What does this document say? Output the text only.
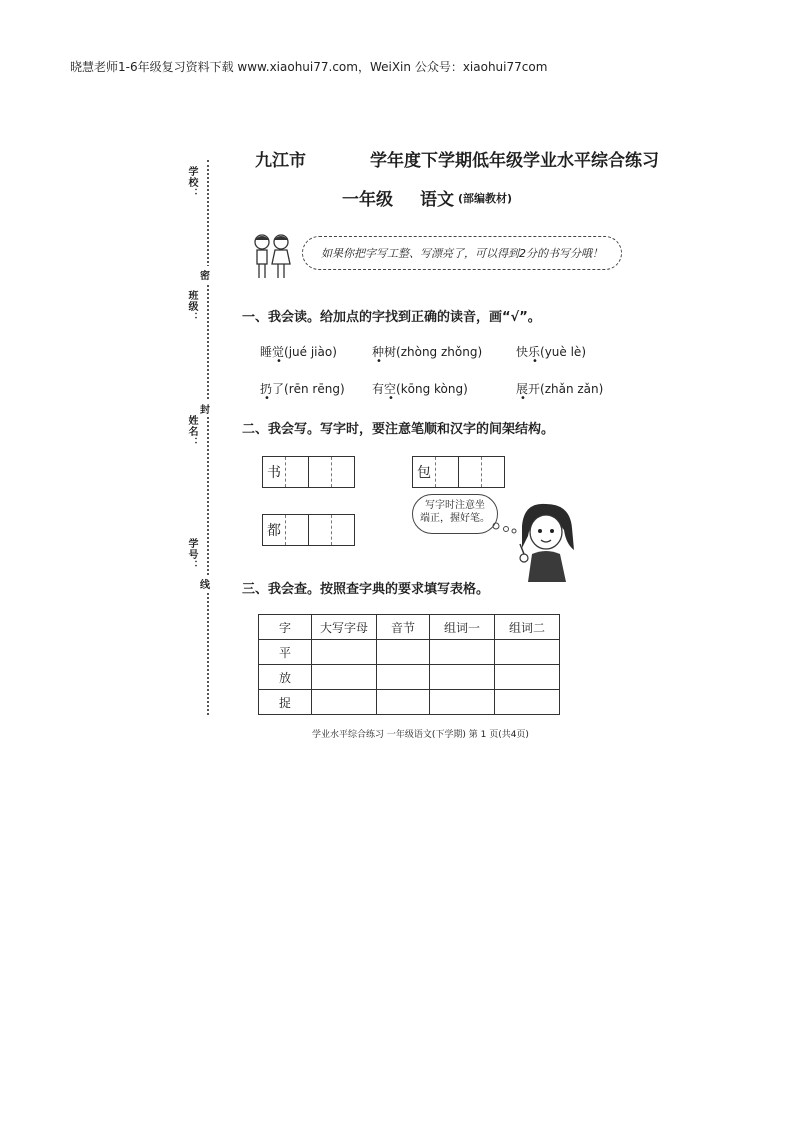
晓慧老师1-6年级复习资料下载 www.xiaohui77.com，WeiXin 公众号：xiaohui77com
学校：
班级：
姓名：
学号：
密
封
线
九江市	学年度下学期低年级学业水平综合练习
一年级 语文 (部编教材)
如果你把字写工整、写漂亮了，可以得到2分的书写分哦！
一、我会读。给加点的字找到正确的读音，画“√”。
睡觉(jué jiào)	种树(zhòng zhǒng)	快乐(yuè lè)
扔了(rēn rēng) 有空(kōng kòng)	展开(zhǎn zǎn)
•	•	•
•	•	•
二、我会写。写字时，要注意笔顺和汉字的间架结构。
书	包
都
写字时注意坐
端正，握好笔。
三、我会查。按照查字典的要求填写表格。
字	大写字母	音节	组词一	组词二
平				
放				
捉				
学业水平综合练习 一年级语文(下学期) 第 1 页(共4页)
